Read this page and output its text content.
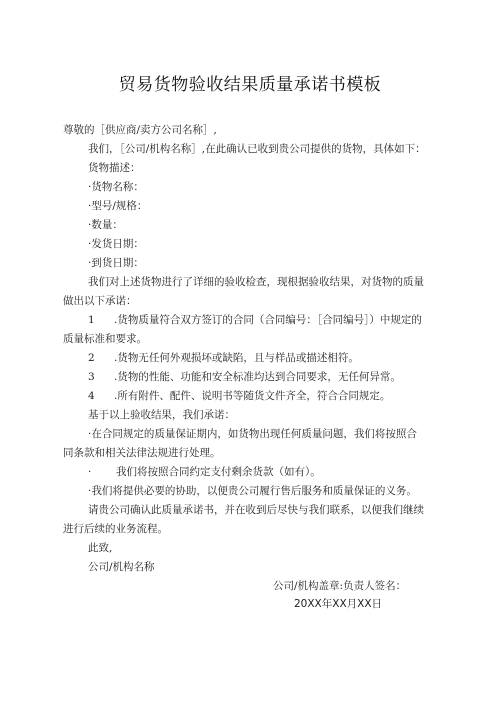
贸易货物验收结果质量承诺书模板
尊敬的［供应商/卖方公司名称］,
我们，［公司/机构名称］,在此确认已收到贵公司提供的货物，具体如下：
货物描述：
·货物名称：
·型号/规格：
·数量：
·发货日期：
·到货日期：
我们对上述货物进行了详细的验收检查，现根据验收结果，对货物的质量
做出以下承诺：
1 .货物质量符合双方签订的合同（合同编号：［合同编号］）中规定的
质量标准和要求。
2 .货物无任何外观损坏或缺陷，且与样品或描述相符。
3 .货物的性能、功能和安全标准均达到合同要求，无任何异常。
4 .所有附件、配件、说明书等随货文件齐全，符合合同规定。
基于以上验收结果，我们承诺：
·在合同规定的质量保证期内，如货物出现任何质量问题，我们将按照合
同条款和相关法律法规进行处理。
· 我们将按照合同约定支付剩余货款（如有）。
·我们将提供必要的协助，以便贵公司履行售后服务和质量保证的义务。
请贵公司确认此质量承诺书，并在收到后尽快与我们联系，以便我们继续
进行后续的业务流程。
此致,
公司/机构名称
公司/机构盖章:负责人签名：
20XX年XX月XX日
